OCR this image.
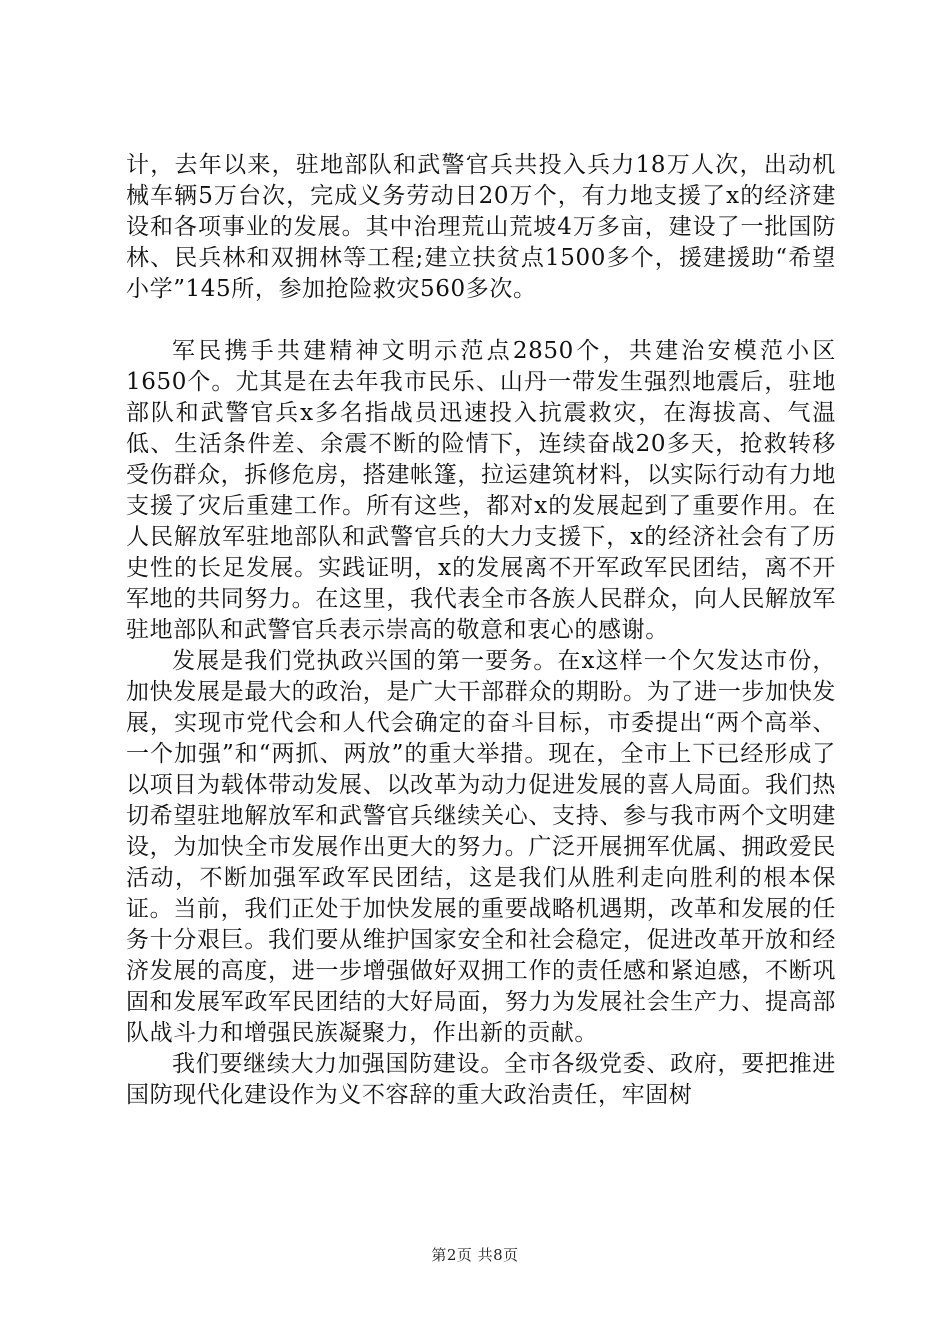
计，去年以来，驻地部队和武警官兵共投入兵力18万人次，出动机械车辆5万台次，完成义务劳动日20万个，有力地支援了x的经济建设和各项事业的发展。其中治理荒山荒坡4万多亩，建设了一批国防林、民兵林和双拥林等工程;建立扶贫点1500多个，援建援助“希望小学”145所，参加抢险救灾560多次。

军民携手共建精神文明示范点2850个，共建治安模范小区1650个。尤其是在去年我市民乐、山丹一带发生强烈地震后，驻地部队和武警官兵x多名指战员迅速投入抗震救灾，在海拔高、气温低、生活条件差、余震不断的险情下，连续奋战20多天，抢救转移受伤群众，拆修危房，搭建帐篷，拉运建筑材料，以实际行动有力地支援了灾后重建工作。所有这些，都对x的发展起到了重要作用。在人民解放军驻地部队和武警官兵的大力支援下，x的经济社会有了历史性的长足发展。实践证明，x的发展离不开军政军民团结，离不开军地的共同努力。在这里，我代表全市各族人民群众，向人民解放军驻地部队和武警官兵表示崇高的敬意和衷心的感谢。

发展是我们党执政兴国的第一要务。在x这样一个欠发达市份，加快发展是最大的政治，是广大干部群众的期盼。为了进一步加快发展，实现市党代会和人代会确定的奋斗目标，市委提出“两个高举、一个加强”和“两抓、两放”的重大举措。现在，全市上下已经形成了以项目为载体带动发展、以改革为动力促进发展的喜人局面。我们热切希望驻地解放军和武警官兵继续关心、支持、参与我市两个文明建设，为加快全市发展作出更大的努力。广泛开展拥军优属、拥政爱民活动，不断加强军政军民团结，这是我们从胜利走向胜利的根本保证。当前，我们正处于加快发展的重要战略机遇期，改革和发展的任务十分艰巨。我们要从维护国家安全和社会稳定，促进改革开放和经济发展的高度，进一步增强做好双拥工作的责任感和紧迫感，不断巩固和发展军政军民团结的大好局面，努力为发展社会生产力、提高部队战斗力和增强民族凝聚力，作出新的贡献。

我们要继续大力加强国防建设。全市各级党委、政府，要把推进国防现代化建设作为义不容辞的重大政治责任，牢固树

第2页 共8页
